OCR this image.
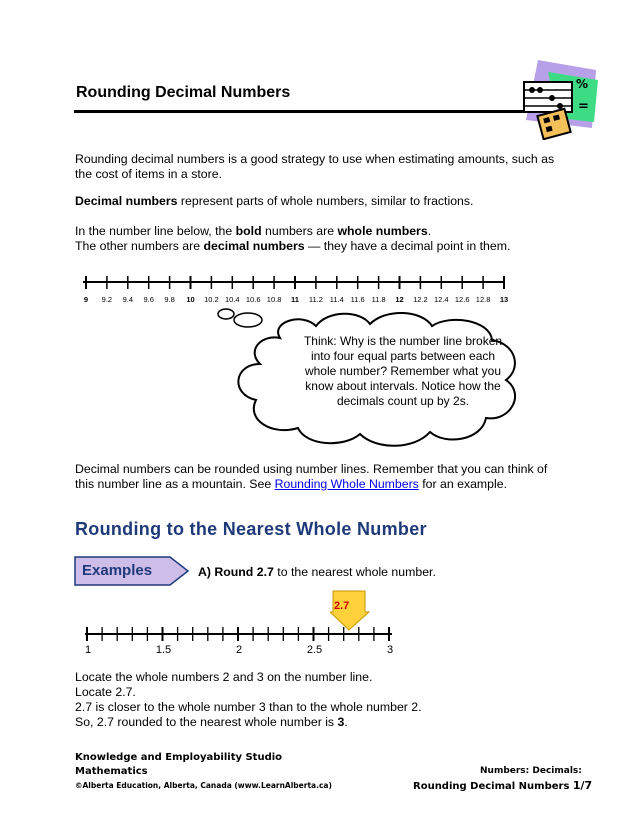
Rounding Decimal Numbers	%
=
Rounding decimal numbers is a good strategy to use when estimating amounts, such as
the cost of items in a store.
Decimal numbers represent parts of whole numbers, similar to fractions.
In the number line below, the bold numbers are whole numbers.
The other numbers are decimal numbers — they have a decimal point in them.
9 9.2 9.4 9.6 9.8 10 10.2 10.4 10.6 10.8 11 11.2 11.4 11.6 11.8 12 12.2 12.4 12.6 12.8 13
Think: Why is the number line broken
into four equal parts between each
whole number? Remember what you
know about intervals. Notice how the
decimals count up by 2s.
Decimal numbers can be rounded using number lines. Remember that you can think of
this number line as a mountain. See Rounding Whole Numbers for an example.
Rounding to the Nearest Whole Number
Examples	A) Round 2.7 to the nearest whole number.
2.7
1	1.5	2	2.5	3
Locate the whole numbers 2 and 3 on the number line.
Locate 2.7.
2.7 is closer to the whole number 3 than to the whole number 2.
So, 2.7 rounded to the nearest whole number is 3.
Knowledge and Employability Studio
Mathematics
©Alberta Education, Alberta, Canada (www.LearnAlberta.ca)
Numbers: Decimals:
Rounding Decimal Numbers 1/7
